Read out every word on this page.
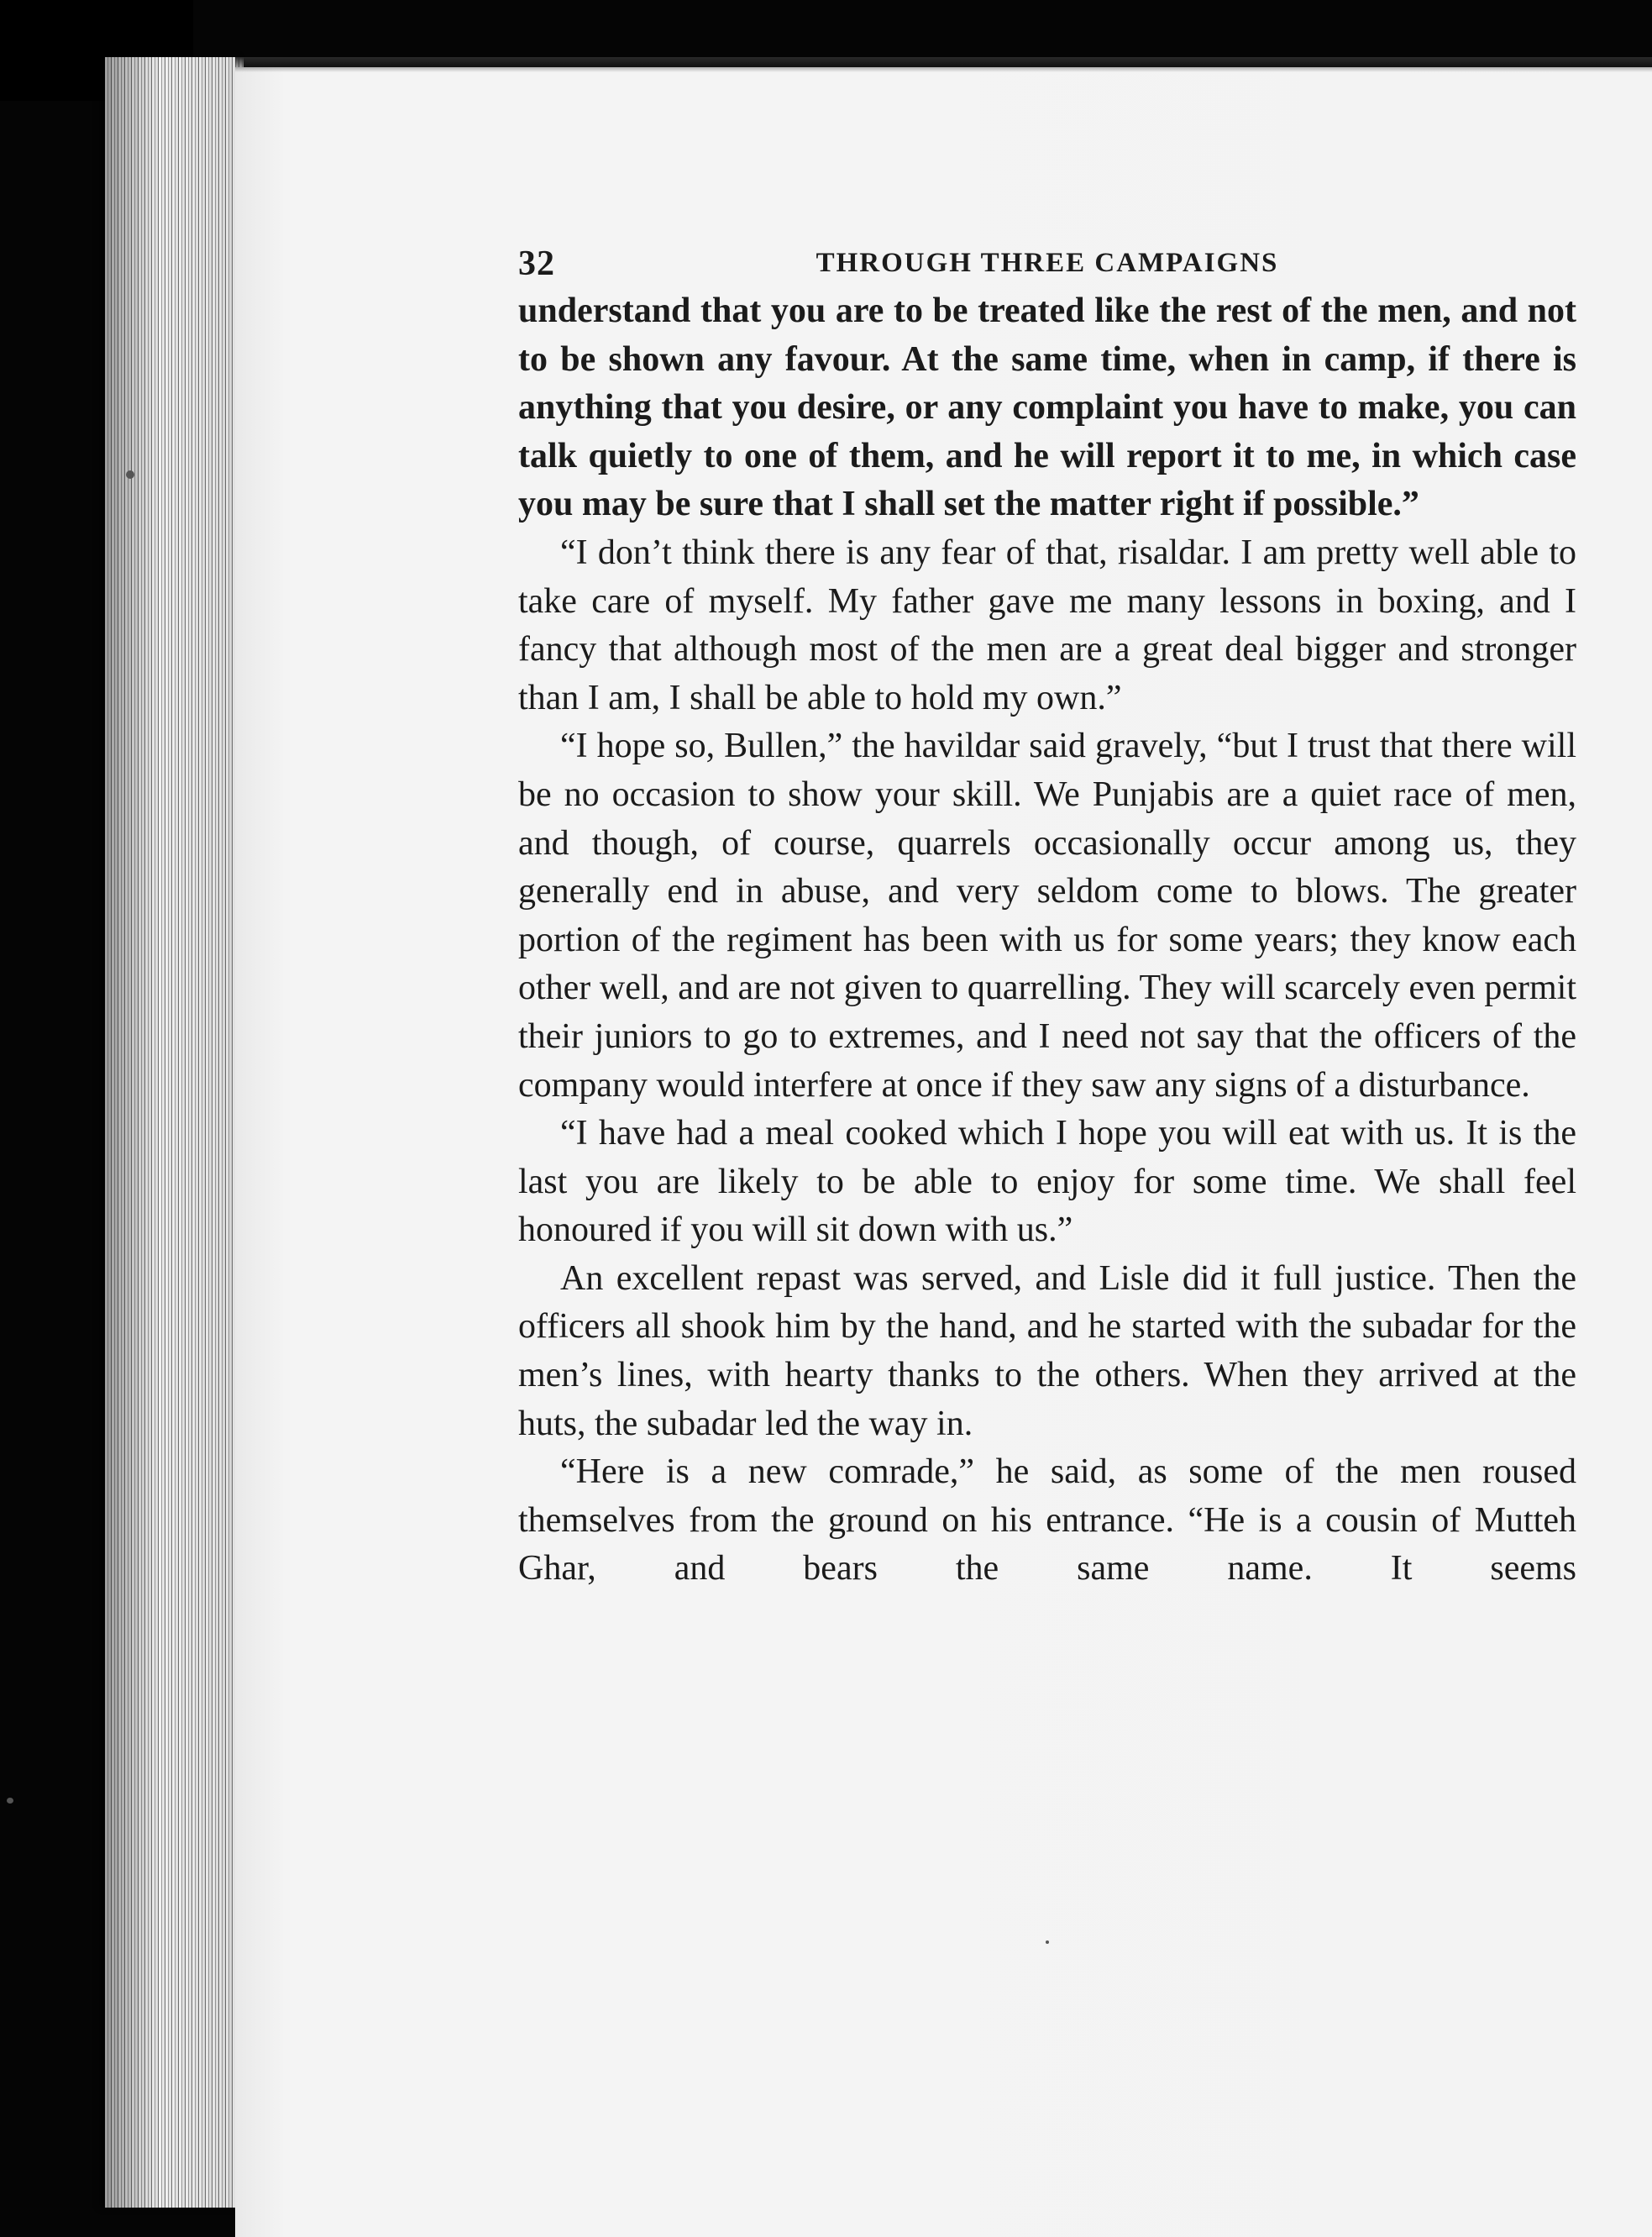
32	THROUGH THREE CAMPAIGNS

understand that you are to be treated like the rest of the men, and not to be shown any favour. At the same time, when in camp, if there is anything that you desire, or any complaint you have to make, you can talk quietly to one of them, and he will report it to me, in which case you may be sure that I shall set the matter right if possible.”

“I don’t think there is any fear of that, risaldar. I am pretty well able to take care of myself. My father gave me many lessons in boxing, and I fancy that although most of the men are a great deal bigger and stronger than I am, I shall be able to hold my own.”

“I hope so, Bullen,” the havildar said gravely, “but I trust that there will be no occasion to show your skill. We Punjabis are a quiet race of men, and though, of course, quarrels occasionally occur among us, they generally end in abuse, and very seldom come to blows. The greater portion of the regiment has been with us for some years; they know each other well, and are not given to quarrelling. They will scarcely even permit their juniors to go to extremes, and I need not say that the officers of the company would interfere at once if they saw any signs of a disturbance.

“I have had a meal cooked which I hope you will eat with us. It is the last you are likely to be able to enjoy for some time. We shall feel honoured if you will sit down with us.”

An excellent repast was served, and Lisle did it full justice. Then the officers all shook him by the hand, and he started with the subadar for the men’s lines, with hearty thanks to the others. When they arrived at the huts, the subadar led the way in.

“Here is a new comrade,” he said, as some of the men roused themselves from the ground on his entrance. “He is a cousin of Mutteh Ghar, and bears the same name. It seems
